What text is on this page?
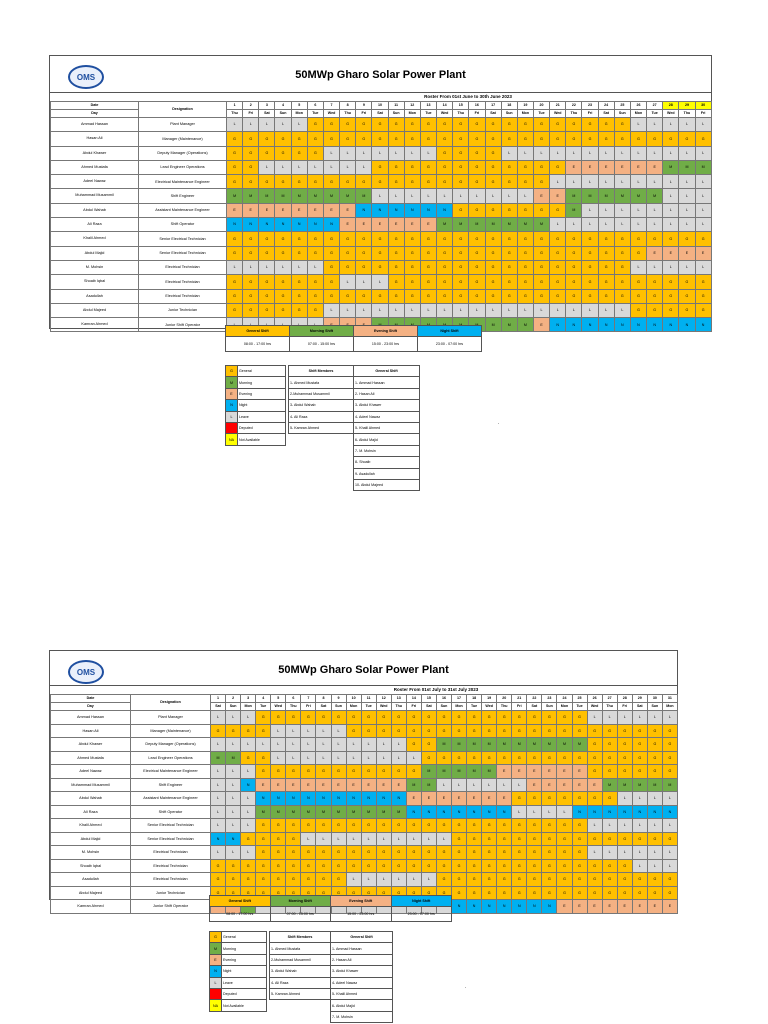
OMS	50MWp Gharo Solar Power Plant
Roster From 01st June to 30th June 2023
Date	Designation	1	2	3	4	5	6	7	8	9	10	11	12	13	14	15	16	17	18	19	20	21	22	23	24	25	26	27	28	29	30
Day		Thu	Fri	Sat	Sun	Mon	Tue	Wed	Thu	Fri	Sat	Sun	Mon	Tue	Wed	Thu	Fri	Sat	Sun	Mon	Tue	Wed	Thu	Fri	Sat	Sun	Mon	Tue	Wed	Thu	Fri
Ammad Hassan	Plant Manager	L	L	L	L	L	G	G	G	G	G	G	G	G	G	G	G	G	G	G	G	G	G	G	G	G	L	L	L	L	L
Hasan Ali	Manager (Maintenance)	G	G	G	G	G	G	G	G	G	G	G	G	G	G	G	G	G	G	G	G	G	G	G	G	G	G	G	G	G	G
Abdul Khawer	Deputy Manager (Operations)	G	G	G	G	G	G	L	L	L	L	L	L	L	G	G	G	G	L	L	L	L	L	L	L	L	L	L	L	L	L
Ahmed Mustafa	Lead Engineer Operations	G	G	L	L	L	L	L	L	L	G	G	G	G	G	G	G	G	G	G	G	G	E	E	E	E	E	E	M	M	M
Adeel Nawaz	Electrical Maintenance Engineer	G	G	G	G	G	G	G	G	G	G	G	G	G	G	G	G	G	G	G	G	L	L	L	L	L	L	L	L	L	L
Muhammad Musammil	Shift Engineer	M	M	M	M	M	M	M	M	M	L	L	L	L	L	L	L	L	L	L	E	E	M	M	M	M	M	M	L	L	L
Abdul Wahab	Assistant Maintenance Engineer	E	E	E	E	E	E	E	E	N	N	N	N	N	N	G	G	G	G	G	G	G	M	L	L	L	L	L	L	L	L
Ali Raza	Shift Operator	N	N	N	N	N	N	N	E	E	E	E	E	E	M	M	M	M	M	M	M	L	L	L	L	L	L	L	L	L	L
Khalil Ahmed	Senior Electrical Technician	G	G	G	G	G	G	G	G	G	G	G	G	G	G	G	G	G	G	G	G	G	G	G	G	G	G	G	G	G	G
Abdul Majid	Senior Electrical Technician	G	G	G	G	G	G	G	G	G	G	G	G	G	G	G	G	G	G	G	G	G	G	G	G	G	G	E	E	E	E
M. Mohsin	Electrical Technician	L	L	L	L	L	L	G	G	G	G	G	G	G	G	G	G	G	G	G	G	G	G	G	G	G	L	L	L	L	L
Shoaib Iqbal	Electrical Technician	G	G	G	G	G	G	G	L	L	L	G	G	G	G	G	G	G	G	G	G	G	G	G	G	G	G	G	G	G	G
Asadullah	Electrical Technician	G	G	G	G	G	G	G	G	G	G	G	G	G	G	G	G	G	G	G	G	G	G	G	G	G	G	G	G	G	G
Abdul Majeed	Junior Technician	G	G	G	G	G	G	L	L	L	L	L	L	L	L	L	L	L	L	L	L	L	L	L	L	L	G	G	G	G	G
Kamran Ahmed	Junior Shift Operator																	M	M	M	E	N	N	N	N	N	N	N	N	N	N
General Shift	Morning Shift	Evening Shift	Night Shift
08:00 - 17:00 hrs	07:00 - 15:00 hrs	15:00 - 23:00 hrs	23:00 - 07:00 hrs
G	General
M	Morning
E	Evening
N	Night
L	Leave
	Deputed
NA	Not Available
Shift Members	General Shift
1- Ahmed Mustafa	1- Ammad Hassan
2-Muhammad Musammil	2- Hasan Ali
3- Abdul Wahab	3- Abdul Khawer
4- Ali Raza	4- Adeel Nawaz
5- Kamran Ahmed	5- Khalil Ahmed
	6- Abdul Majid
	7- M. Mohsin
	8- Shoaib
	9- Asadullah
	10- Abdul Majeed
.
OMS	50MWp Gharo Solar Power Plant
Roster From 01st July to 31st July 2023
Date	Designation	1	2	3	4	5	6	7	8	9	10	11	12	13	14	15	16	17	18	19	20	21	22	23	24	25	26	27	28	29	30	31
Day		Sat	Sun	Mon	Tue	Wed	Thu	Fri	Sat	Sun	Mon	Tue	Wed	Thu	Fri	Sat	Sun	Mon	Tue	Wed	Thu	Fri	Sat	Sun	Mon	Tue	Wed	Thu	Fri	Sat	Sun	Mon
Ammad Hassan	Plant Manager	L	L	L	G	G	G	G	G	G	G	G	G	G	G	G	G	G	G	G	G	G	G	G	G	G	L	L	L	L	L	L
Hasan Ali	Manager (Maintenance)	G	G	G	G	L	L	L	L	L	G	G	G	G	G	G	G	G	G	G	G	G	G	G	G	G	G	G	G	G	G	G
Abdul Khawer	Deputy Manager (Operations)	L	L	L	L	L	L	L	L	L	L	L	L	L	G	G	M	M	M	M	M	M	M	M	M	M	G	G	G	G	G	G
Ahmed Mustafa	Lead Engineer Operations	M	M	G	G	L	L	L	L	L	L	L	L	L	L	G	G	G	G	G	G	G	G	G	G	G	G	G	G	G	G	G
Adeel Nawaz	Electrical Maintenance Engineer	L	L	L	G	G	G	G	G	G	G	G	G	G	G	M	M	M	M	M	E	E	E	E	E	E	G	G	G	G	G	G
Muhammad Musammil	Shift Engineer	L	L	N	E	E	E	E	E	E	E	E	E	E	M	M	L	L	L	L	L	L	E	E	E	E	E	M	M	M	M	M
Abdul Wahab	Assistant Maintenance Engineer	L	L	L	N	N	N	N	N	N	N	N	N	N	E	E	E	E	E	E	E	G	G	G	G	G	G	G	L	L	L	L
Ali Raza	Shift Operator	L	L	L	M	M	M	M	M	M	M	M	M	M	N	N	N	N	N	N	N	L	L	L	L	N	N	N	N	N	N	N
Khalil Ahmed	Senior Electrical Technician	L	L	L	G	G	G	G	G	G	G	G	G	G	G	G	G	G	G	G	G	G	G	G	G	G	L	L	L	L	L	L
Abdul Majid	Senior Electrical Technician	N	N	G	G	G	G	L	L	L	L	L	L	L	L	L	L	G	G	G	G	G	G	G	G	G	G	G	G	G	G	G
M. Mohsin	Electrical Technician	L	L	L	G	G	G	G	G	G	G	G	G	G	G	G	G	G	G	G	G	G	G	G	G	G	L	L	L	L	L	L
Shoaib Iqbal	Electrical Technician	G	G	G	G	G	G	G	G	G	G	G	G	G	G	G	G	G	G	G	G	G	G	G	G	G	G	G	G	L	L	L
Asadullah	Electrical Technician	G	G	G	G	G	G	G	G	G	L	L	L	L	L	L	G	G	G	G	G	G	G	G	G	G	G	G	G	G	G	G
Abdul Majeed	Junior Technician	G	G	G	G	G	G	G	G	G	G	G	G	G	G	G	G	G	G	G	G	G	G	G	G	G	G	G	G	G	G	G
Kamran Ahmed	Junior Shift Operator																	N	N	N	N	N	N	N	E	E	E	E	E	E	E	E
General Shift	Morning Shift	Evening Shift	Night Shift
08:00 - 17:00 hrs	07:00 - 15:00 hrs	15:00 - 23:00 hrs	23:00 - 07:00 hrs
G	General
M	Morning
E	Evening
N	Night
L	Leave
	Deputed
NA	Not Available
Shift Members	General Shift
1- Ahmed Mustafa	1- Ammad Hassan
2-Muhammad Musammil	2- Hasan Ali
3- Abdul Wahab	3- Abdul Khawer
4- Ali Raza	4- Adeel Nawaz
5- Kamran Ahmed	5- Khalil Ahmed
	6- Abdul Majid
	7- M. Mohsin
.
